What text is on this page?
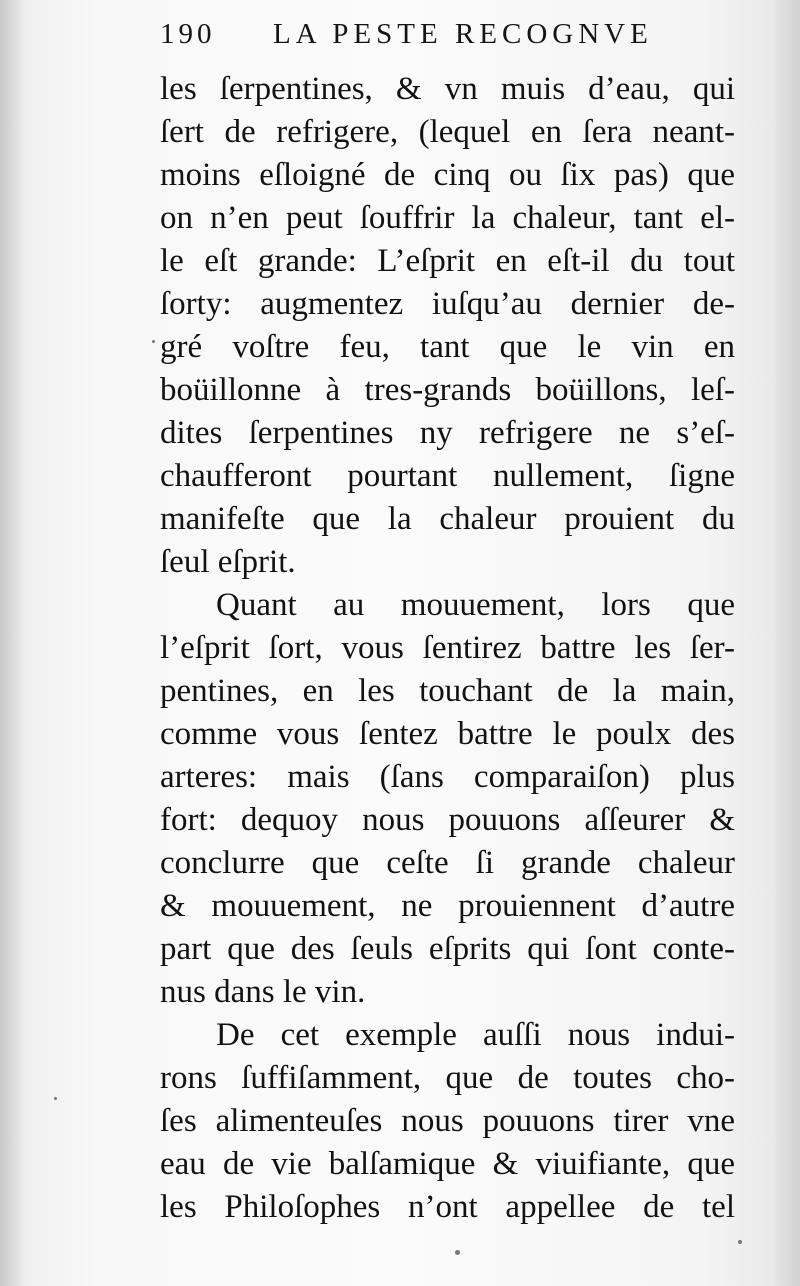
190 LA PESTE RECOGNVE
les ſerpentines, & vn muis d’eau, qui
ſert de refrigere, (lequel en ſera neant-
moins eſloigné de cinq ou ſix pas) que
on n’en peut ſouffrir la chaleur, tant el-
le eſt grande: L’eſprit en eſt-il du tout
ſorty: augmentez iuſqu’au dernier de-
gré voſtre feu, tant que le vin en
boüillonne à tres-grands boüillons, leſ-
dites ſerpentines ny refrigere ne s’eſ-
chaufferont pourtant nullement, ſigne
manifeſte que la chaleur prouient du
ſeul eſprit.
Quant au mouuement, lors que
l’eſprit ſort, vous ſentirez battre les ſer-
pentines, en les touchant de la main,
comme vous ſentez battre le poulx des
arteres: mais (ſans comparaiſon) plus
fort: dequoy nous pouuons aſſeurer &
conclurre que ceſte ſi grande chaleur
& mouuement, ne prouiennent d’autre
part que des ſeuls eſprits qui ſont conte-
nus dans le vin.
De cet exemple auſſi nous indui-
rons ſuffiſamment, que de toutes cho-
ſes alimenteuſes nous pouuons tirer vne
eau de vie balſamique & viuifiante, que
les Philoſophes n’ont appellee de tel
